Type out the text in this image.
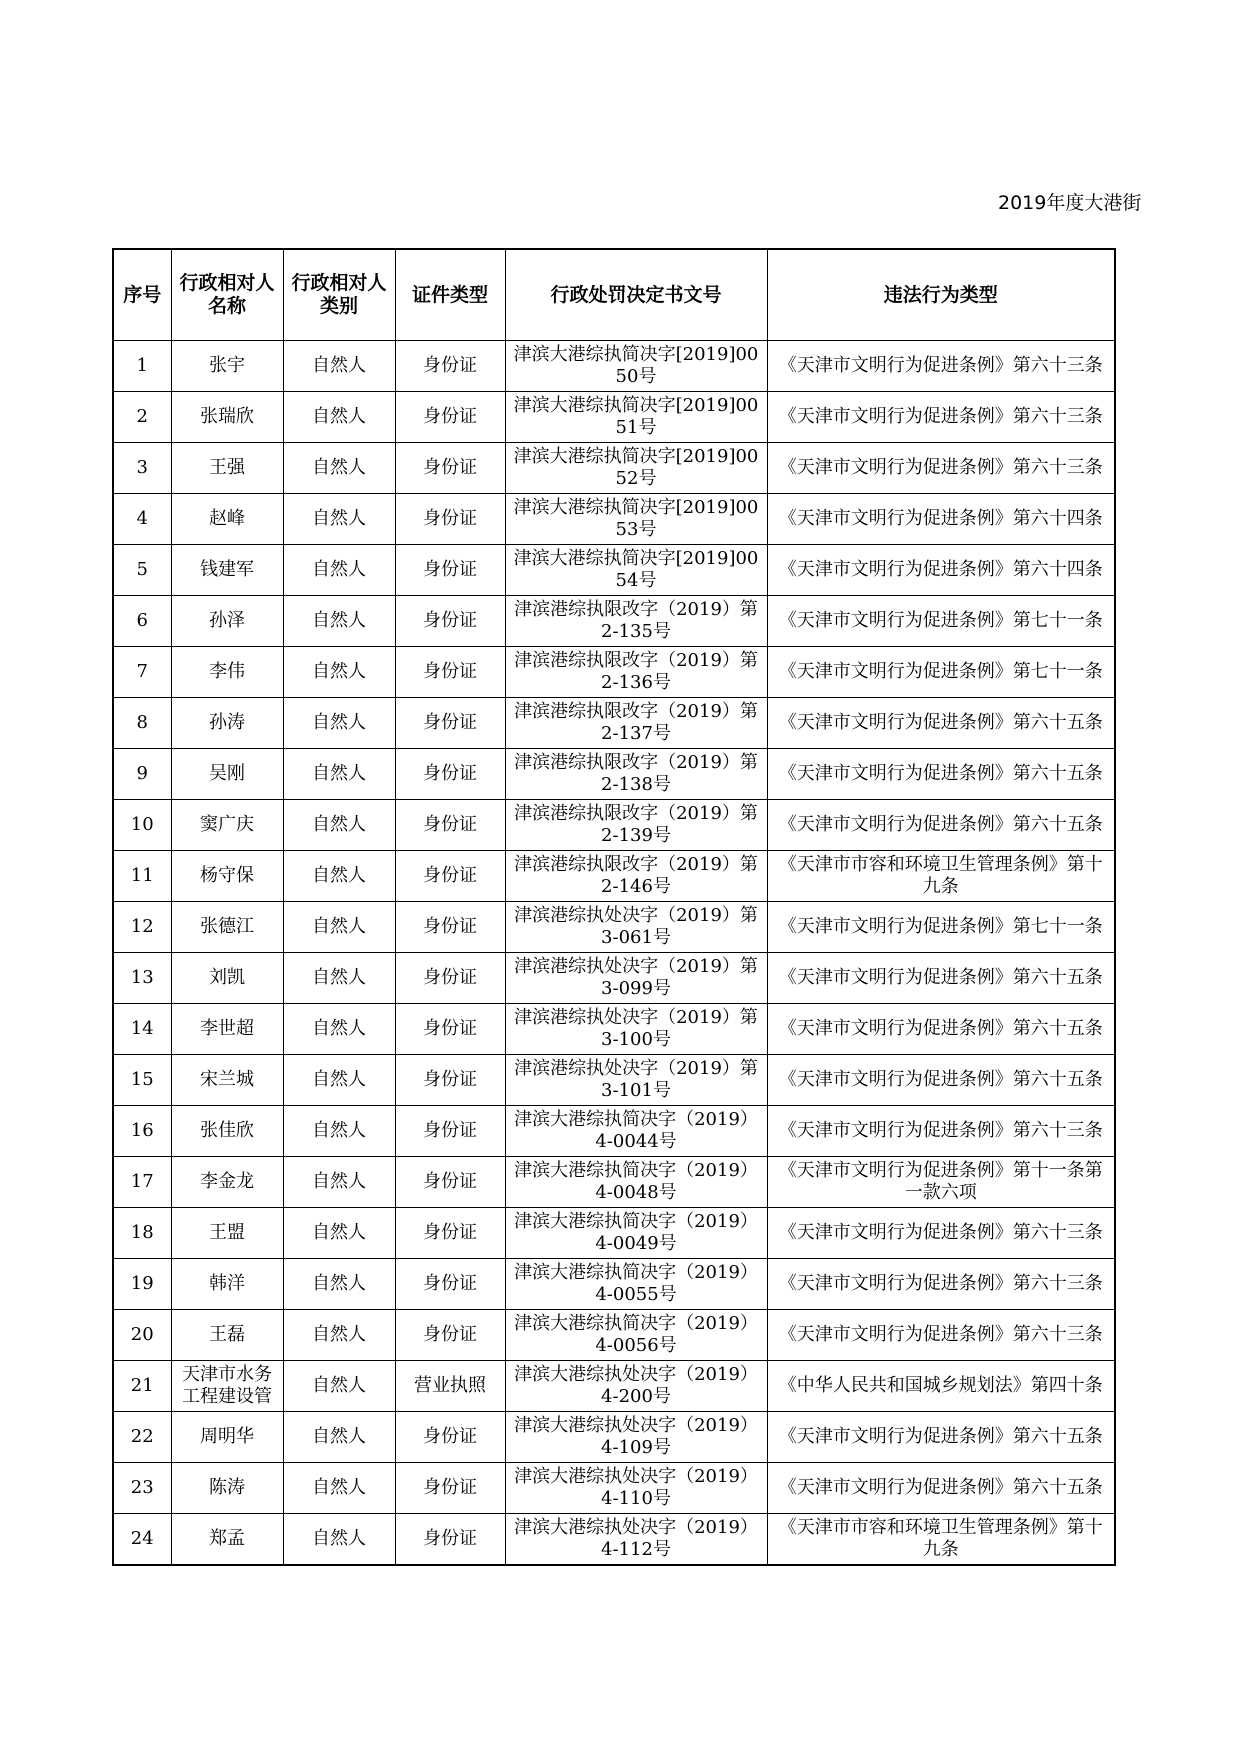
2019年度大港街
序号	行政相对人名称	行政相对人类别	证件类型	行政处罚决定书文号	违法行为类型
1	张宇	自然人	身份证	津滨大港综执简决字[2019]0050号	《天津市文明行为促进条例》第六十三条
2	张瑞欣	自然人	身份证	津滨大港综执简决字[2019]0051号	《天津市文明行为促进条例》第六十三条
3	王强	自然人	身份证	津滨大港综执简决字[2019]0052号	《天津市文明行为促进条例》第六十三条
4	赵峰	自然人	身份证	津滨大港综执简决字[2019]0053号	《天津市文明行为促进条例》第六十四条
5	钱建军	自然人	身份证	津滨大港综执简决字[2019]0054号	《天津市文明行为促进条例》第六十四条
6	孙泽	自然人	身份证	津滨港综执限改字（2019）第2-135号	《天津市文明行为促进条例》第七十一条
7	李伟	自然人	身份证	津滨港综执限改字（2019）第2-136号	《天津市文明行为促进条例》第七十一条
8	孙涛	自然人	身份证	津滨港综执限改字（2019）第2-137号	《天津市文明行为促进条例》第六十五条
9	吴刚	自然人	身份证	津滨港综执限改字（2019）第2-138号	《天津市文明行为促进条例》第六十五条
10	窦广庆	自然人	身份证	津滨港综执限改字（2019）第2-139号	《天津市文明行为促进条例》第六十五条
11	杨守保	自然人	身份证	津滨港综执限改字（2019）第2-146号	《天津市市容和环境卫生管理条例》第十九条
12	张德江	自然人	身份证	津滨港综执处决字（2019）第3-061号	《天津市文明行为促进条例》第七十一条
13	刘凯	自然人	身份证	津滨港综执处决字（2019）第3-099号	《天津市文明行为促进条例》第六十五条
14	李世超	自然人	身份证	津滨港综执处决字（2019）第3-100号	《天津市文明行为促进条例》第六十五条
15	宋兰城	自然人	身份证	津滨港综执处决字（2019）第3-101号	《天津市文明行为促进条例》第六十五条
16	张佳欣	自然人	身份证	津滨大港综执简决字（2019）4-0044号	《天津市文明行为促进条例》第六十三条
17	李金龙	自然人	身份证	津滨大港综执简决字（2019）4-0048号	《天津市文明行为促进条例》第十一条第一款六项
18	王盟	自然人	身份证	津滨大港综执简决字（2019）4-0049号	《天津市文明行为促进条例》第六十三条
19	韩洋	自然人	身份证	津滨大港综执简决字（2019）4-0055号	《天津市文明行为促进条例》第六十三条
20	王磊	自然人	身份证	津滨大港综执简决字（2019）4-0056号	《天津市文明行为促进条例》第六十三条
21	天津市水务工程建设管	自然人	营业执照	津滨大港综执处决字（2019）4-200号	《中华人民共和国城乡规划法》第四十条
22	周明华	自然人	身份证	津滨大港综执处决字（2019）4-109号	《天津市文明行为促进条例》第六十五条
23	陈涛	自然人	身份证	津滨大港综执处决字（2019）4-110号	《天津市文明行为促进条例》第六十五条
24	郑孟	自然人	身份证	津滨大港综执处决字（2019）4-112号	《天津市市容和环境卫生管理条例》第十九条
